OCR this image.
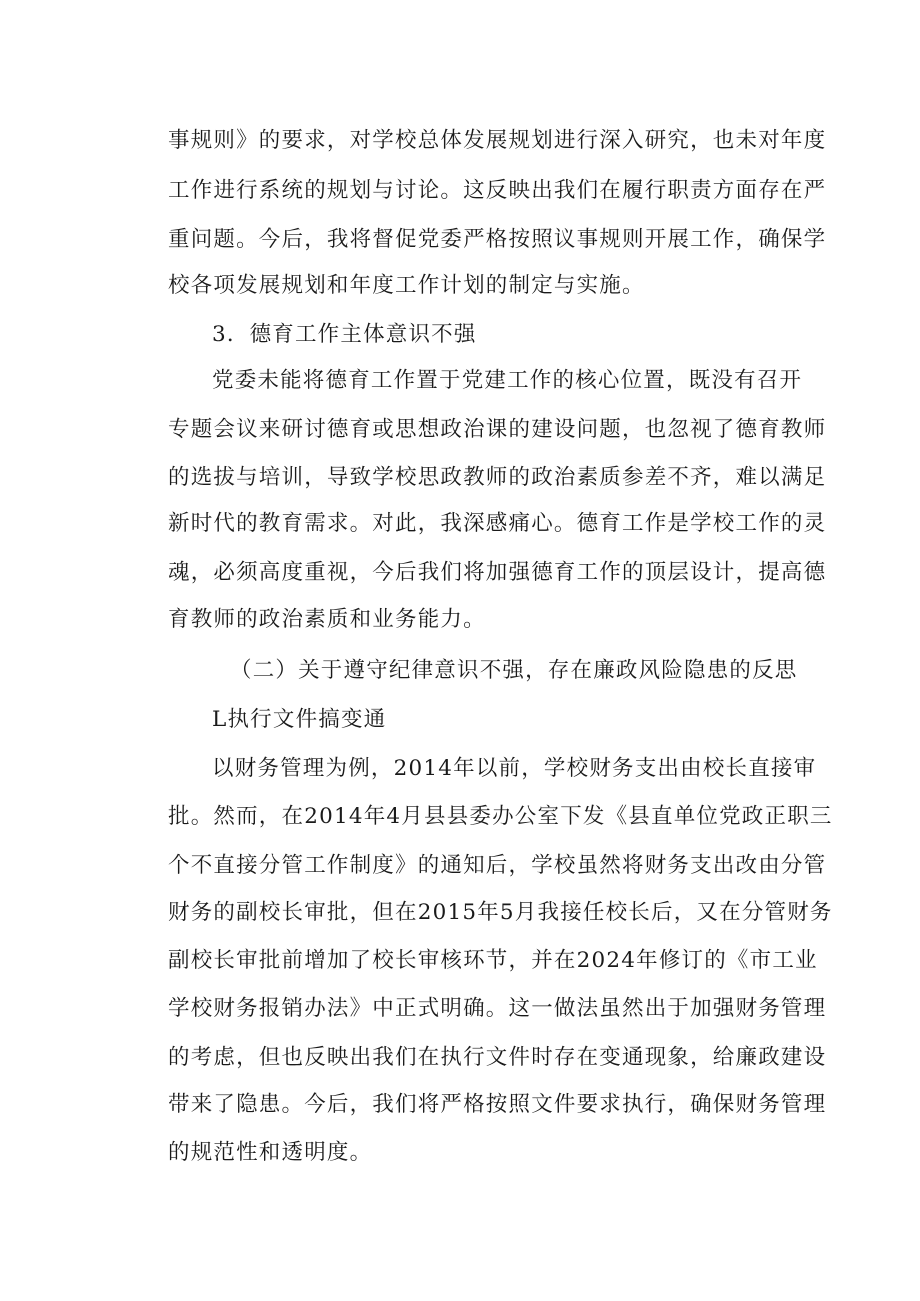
事规则》的要求，对学校总体发展规划进行深入研究，也未对年度
工作进行系统的规划与讨论。这反映出我们在履行职责方面存在严
重问题。今后，我将督促党委严格按照议事规则开展工作，确保学
校各项发展规划和年度工作计划的制定与实施。
3．德育工作主体意识不强
党委未能将德育工作置于党建工作的核心位置，既没有召开
专题会议来研讨德育或思想政治课的建设问题，也忽视了德育教师
的选拔与培训，导致学校思政教师的政治素质参差不齐，难以满足
新时代的教育需求。对此，我深感痛心。德育工作是学校工作的灵
魂，必须高度重视，今后我们将加强德育工作的顶层设计，提高德
育教师的政治素质和业务能力。
（二）关于遵守纪律意识不强，存在廉政风险隐患的反思
L执行文件搞变通
以财务管理为例，2014年以前，学校财务支出由校长直接审
批。然而，在2014年4月县县委办公室下发《县直单位党政正职三
个不直接分管工作制度》的通知后，学校虽然将财务支出改由分管
财务的副校长审批，但在2015年5月我接任校长后，又在分管财务
副校长审批前增加了校长审核环节，并在2024年修订的《市工业
学校财务报销办法》中正式明确。这一做法虽然出于加强财务管理
的考虑，但也反映出我们在执行文件时存在变通现象，给廉政建设
带来了隐患。今后，我们将严格按照文件要求执行，确保财务管理
的规范性和透明度。
